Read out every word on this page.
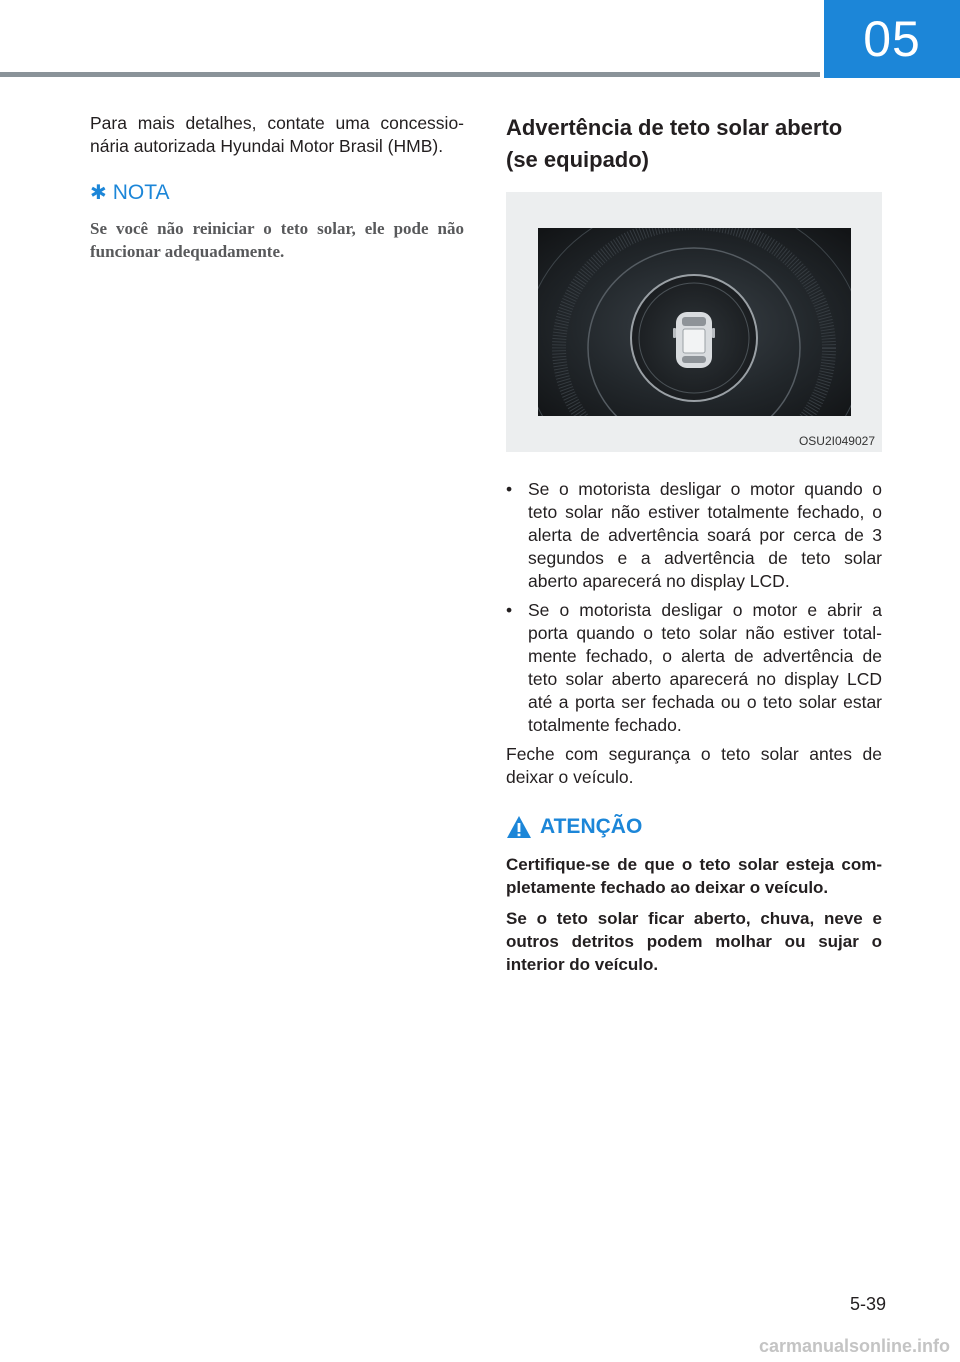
05

Para mais detalhes, contate uma concessionária autorizada Hyundai Motor Brasil (HMB).

✱ NOTA

Se você não reiniciar o teto solar, ele pode não funcionar adequadamente.

Advertência de teto solar aberto
(se equipado)
OSU2I049027
• Se o motorista desligar o motor quando o teto solar não estiver totalmente fechado, o alerta de advertência soará por cerca de 3 segundos e a advertência de teto solar aberto aparecerá no display LCD.
• Se o motorista desligar o motor e abrir a porta quando o teto solar não estiver totalmente fechado, o alerta de advertência de teto solar aberto aparecerá no display LCD até a porta ser fechada ou o teto solar estar totalmente fechado.

Feche com segurança o teto solar antes de deixar o veículo.

ATENÇÃO

Certifique-se de que o teto solar esteja completamente fechado ao deixar o veículo.

Se o teto solar ficar aberto, chuva, neve e outros detritos podem molhar ou sujar o interior do veículo.

5-39
carmanualsonline.info
